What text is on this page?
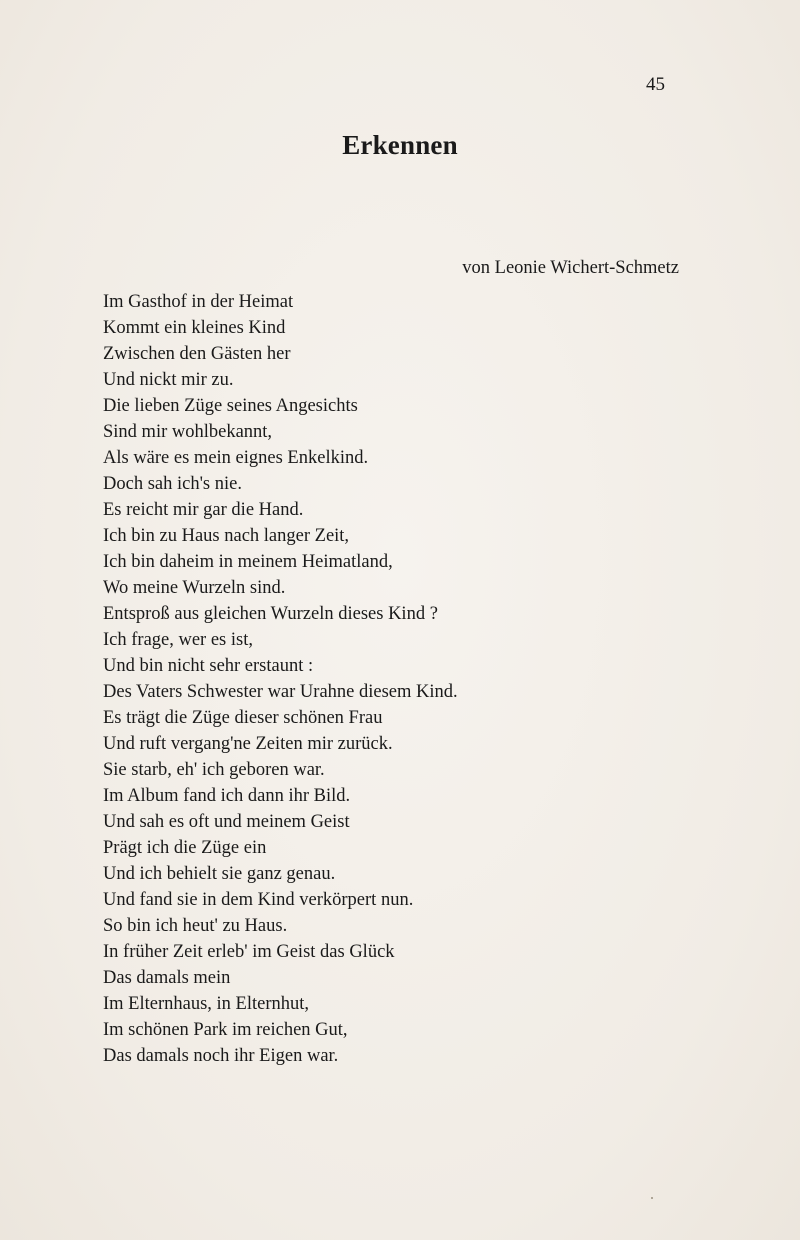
45
Erkennen
von Leonie Wichert-Schmetz
Im Gasthof in der Heimat
Kommt ein kleines Kind
Zwischen den Gästen her
Und nickt mir zu.
Die lieben Züge seines Angesichts
Sind mir wohlbekannt,
Als wäre es mein eignes Enkelkind.
Doch sah ich's nie.
Es reicht mir gar die Hand.
Ich bin zu Haus nach langer Zeit,
Ich bin daheim in meinem Heimatland,
Wo meine Wurzeln sind.
Entsproß aus gleichen Wurzeln dieses Kind ?
Ich frage, wer es ist,
Und bin nicht sehr erstaunt :
Des Vaters Schwester war Urahne diesem Kind.
Es trägt die Züge dieser schönen Frau
Und ruft vergang'ne Zeiten mir zurück.
Sie starb, eh' ich geboren war.
Im Album fand ich dann ihr Bild.
Und sah es oft und meinem Geist
Prägt ich die Züge ein
Und ich behielt sie ganz genau.
Und fand sie in dem Kind verkörpert nun.
So bin ich heut' zu Haus.
In früher Zeit erleb' im Geist das Glück
Das damals mein
Im Elternhaus, in Elternhut,
Im schönen Park im reichen Gut,
Das damals noch ihr Eigen war.
